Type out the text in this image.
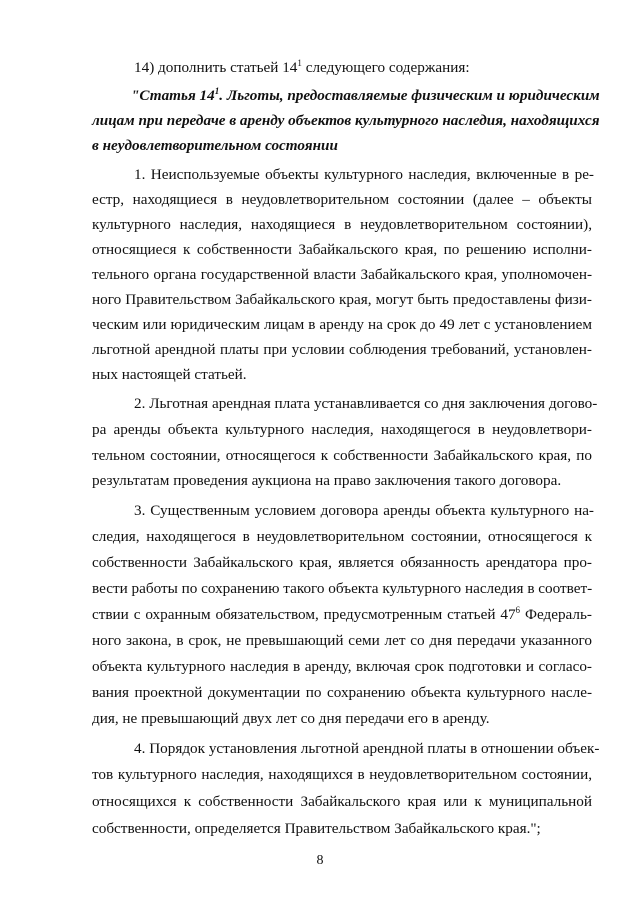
14) дополнить статьей $14^1$ следующего содержания:
"Статья $14^1$. Льготы, предоставляемые физическим и юридическим
лицам при передаче в аренду объектов культурного наследия, находящихся
в неудовлетворительном состоянии
1. Неиспользуемые объекты культурного наследия, включенные в ре-
естр, находящиеся в неудовлетворительном состоянии (далее – объекты
культурного наследия, находящиеся в неудовлетворительном состоянии),
относящиеся к собственности Забайкальского края, по решению исполни-
тельного органа государственной власти Забайкальского края, уполномочен-
ного Правительством Забайкальского края, могут быть предоставлены физи-
ческим или юридическим лицам в аренду на срок до 49 лет с установлением
льготной арендной платы при условии соблюдения требований, установлен-
ных настоящей статьей.
2. Льготная арендная плата устанавливается со дня заключения догово-
ра аренды объекта культурного наследия, находящегося в неудовлетвори-
тельном состоянии, относящегося к собственности Забайкальского края, по
результатам проведения аукциона на право заключения такого договора.
3. Существенным условием договора аренды объекта культурного на-
следия, находящегося в неудовлетворительном состоянии, относящегося к
собственности Забайкальского края, является обязанность арендатора про-
вести работы по сохранению такого объекта культурного наследия в соответ-
ствии с охранным обязательством, предусмотренным статьей $47^6$ Федераль-
ного закона, в срок, не превышающий семи лет со дня передачи указанного
объекта культурного наследия в аренду, включая срок подготовки и согласо-
вания проектной документации по сохранению объекта культурного насле-
дия, не превышающий двух лет со дня передачи его в аренду.
4. Порядок установления льготной арендной платы в отношении объек-
тов культурного наследия, находящихся в неудовлетворительном состоянии,
относящихся к собственности Забайкальского края или к муниципальной
собственности, определяется Правительством Забайкальского края.";
8
